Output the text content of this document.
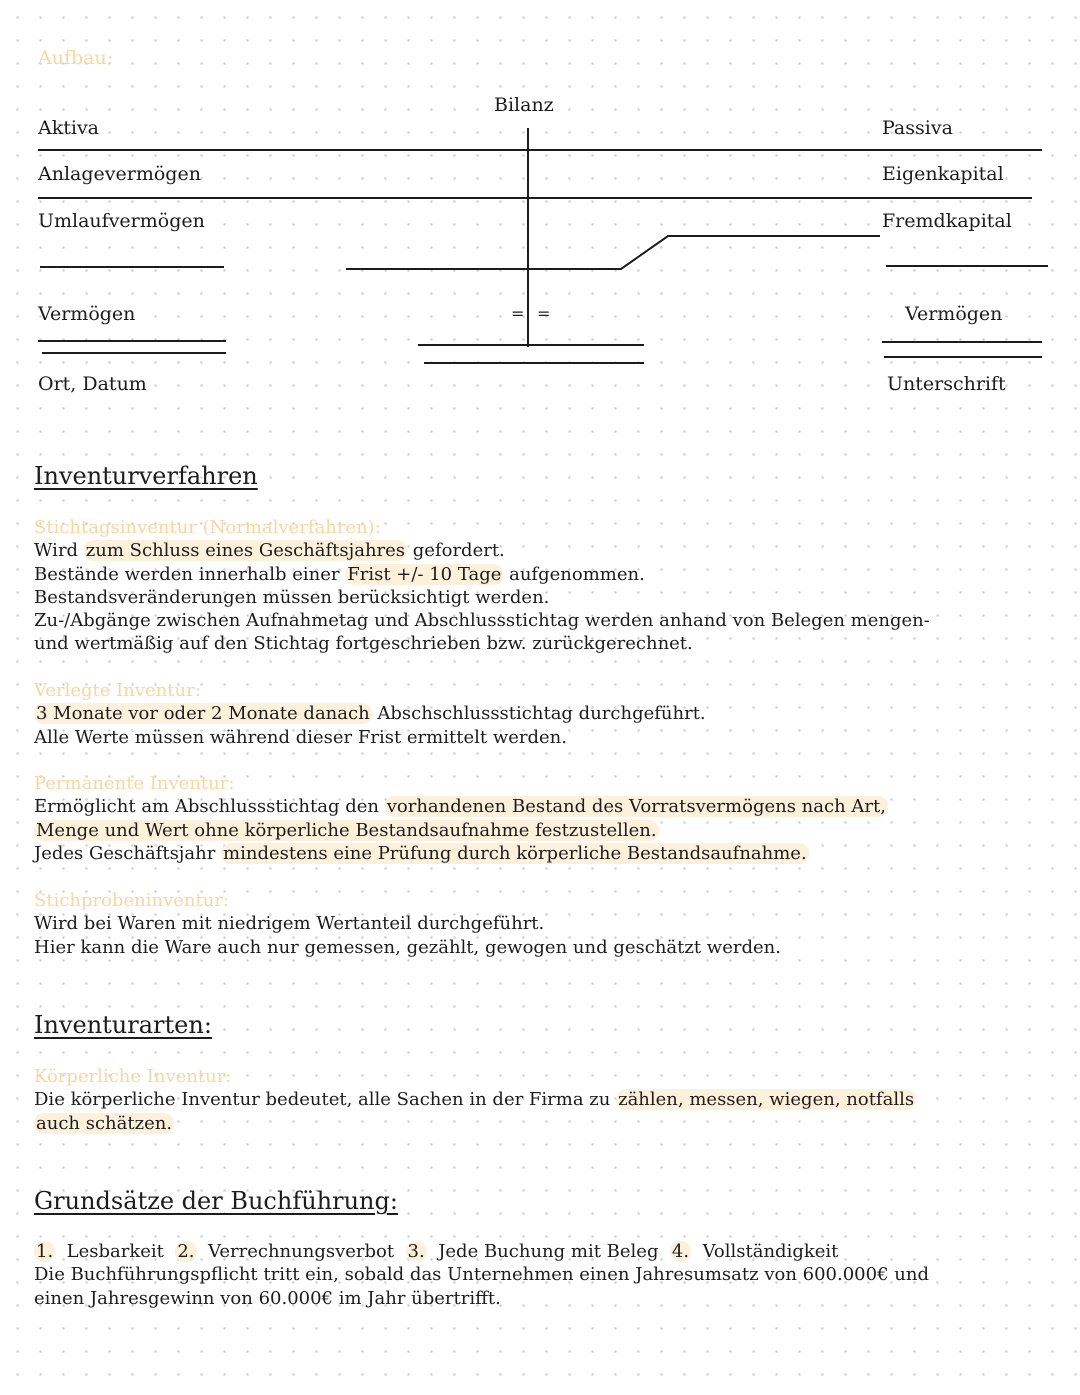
Aufbau:
Bilanz
Aktiva	Passiva
Anlagevermögen	Eigenkapital
Umlaufvermögen	Fremdkapital
Vermögen	= =	Vermögen
Ort, Datum	Unterschrift
Inventurverfahren

Stichtagsinventur (Normalverfahren):

Wird zum Schluss eines Geschäftsjahres gefordert.

Bestände werden innerhalb einer Frist +/- 10 Tage aufgenommen.

Bestandsveränderungen müssen berücksichtigt werden.

Zu-/Abgänge zwischen Aufnahmetag und Abschlussstichtag werden anhand von Belegen mengen-

und wertmäßig auf den Stichtag fortgeschrieben bzw. zurückgerechnet.

Verlegte Inventur:

3 Monate vor oder 2 Monate danach Abschschlussstichtag durchgeführt.

Alle Werte müssen während dieser Frist ermittelt werden.

Permanente Inventur:

Ermöglicht am Abschlussstichtag den vorhandenen Bestand des Vorratsvermögens nach Art,

Menge und Wert ohne körperliche Bestandsaufnahme festzustellen.

Jedes Geschäftsjahr mindestens eine Prüfung durch körperliche Bestandsaufnahme.

Stichprobeninventur:

Wird bei Waren mit niedrigem Wertanteil durchgeführt.

Hier kann die Ware auch nur gemessen, gezählt, gewogen und geschätzt werden.

Inventurarten:

Körperliche Inventur:

Die körperliche Inventur bedeutet, alle Sachen in der Firma zu zählen, messen, wiegen, notfalls

auch schätzen.

Grundsätze der Buchführung:

1. Lesbarkeit 2. Verrechnungsverbot 3. Jede Buchung mit Beleg 4. Vollständigkeit

Die Buchführungspflicht tritt ein, sobald das Unternehmen einen Jahresumsatz von 600.000€ und

einen Jahresgewinn von 60.000€ im Jahr übertrifft.
